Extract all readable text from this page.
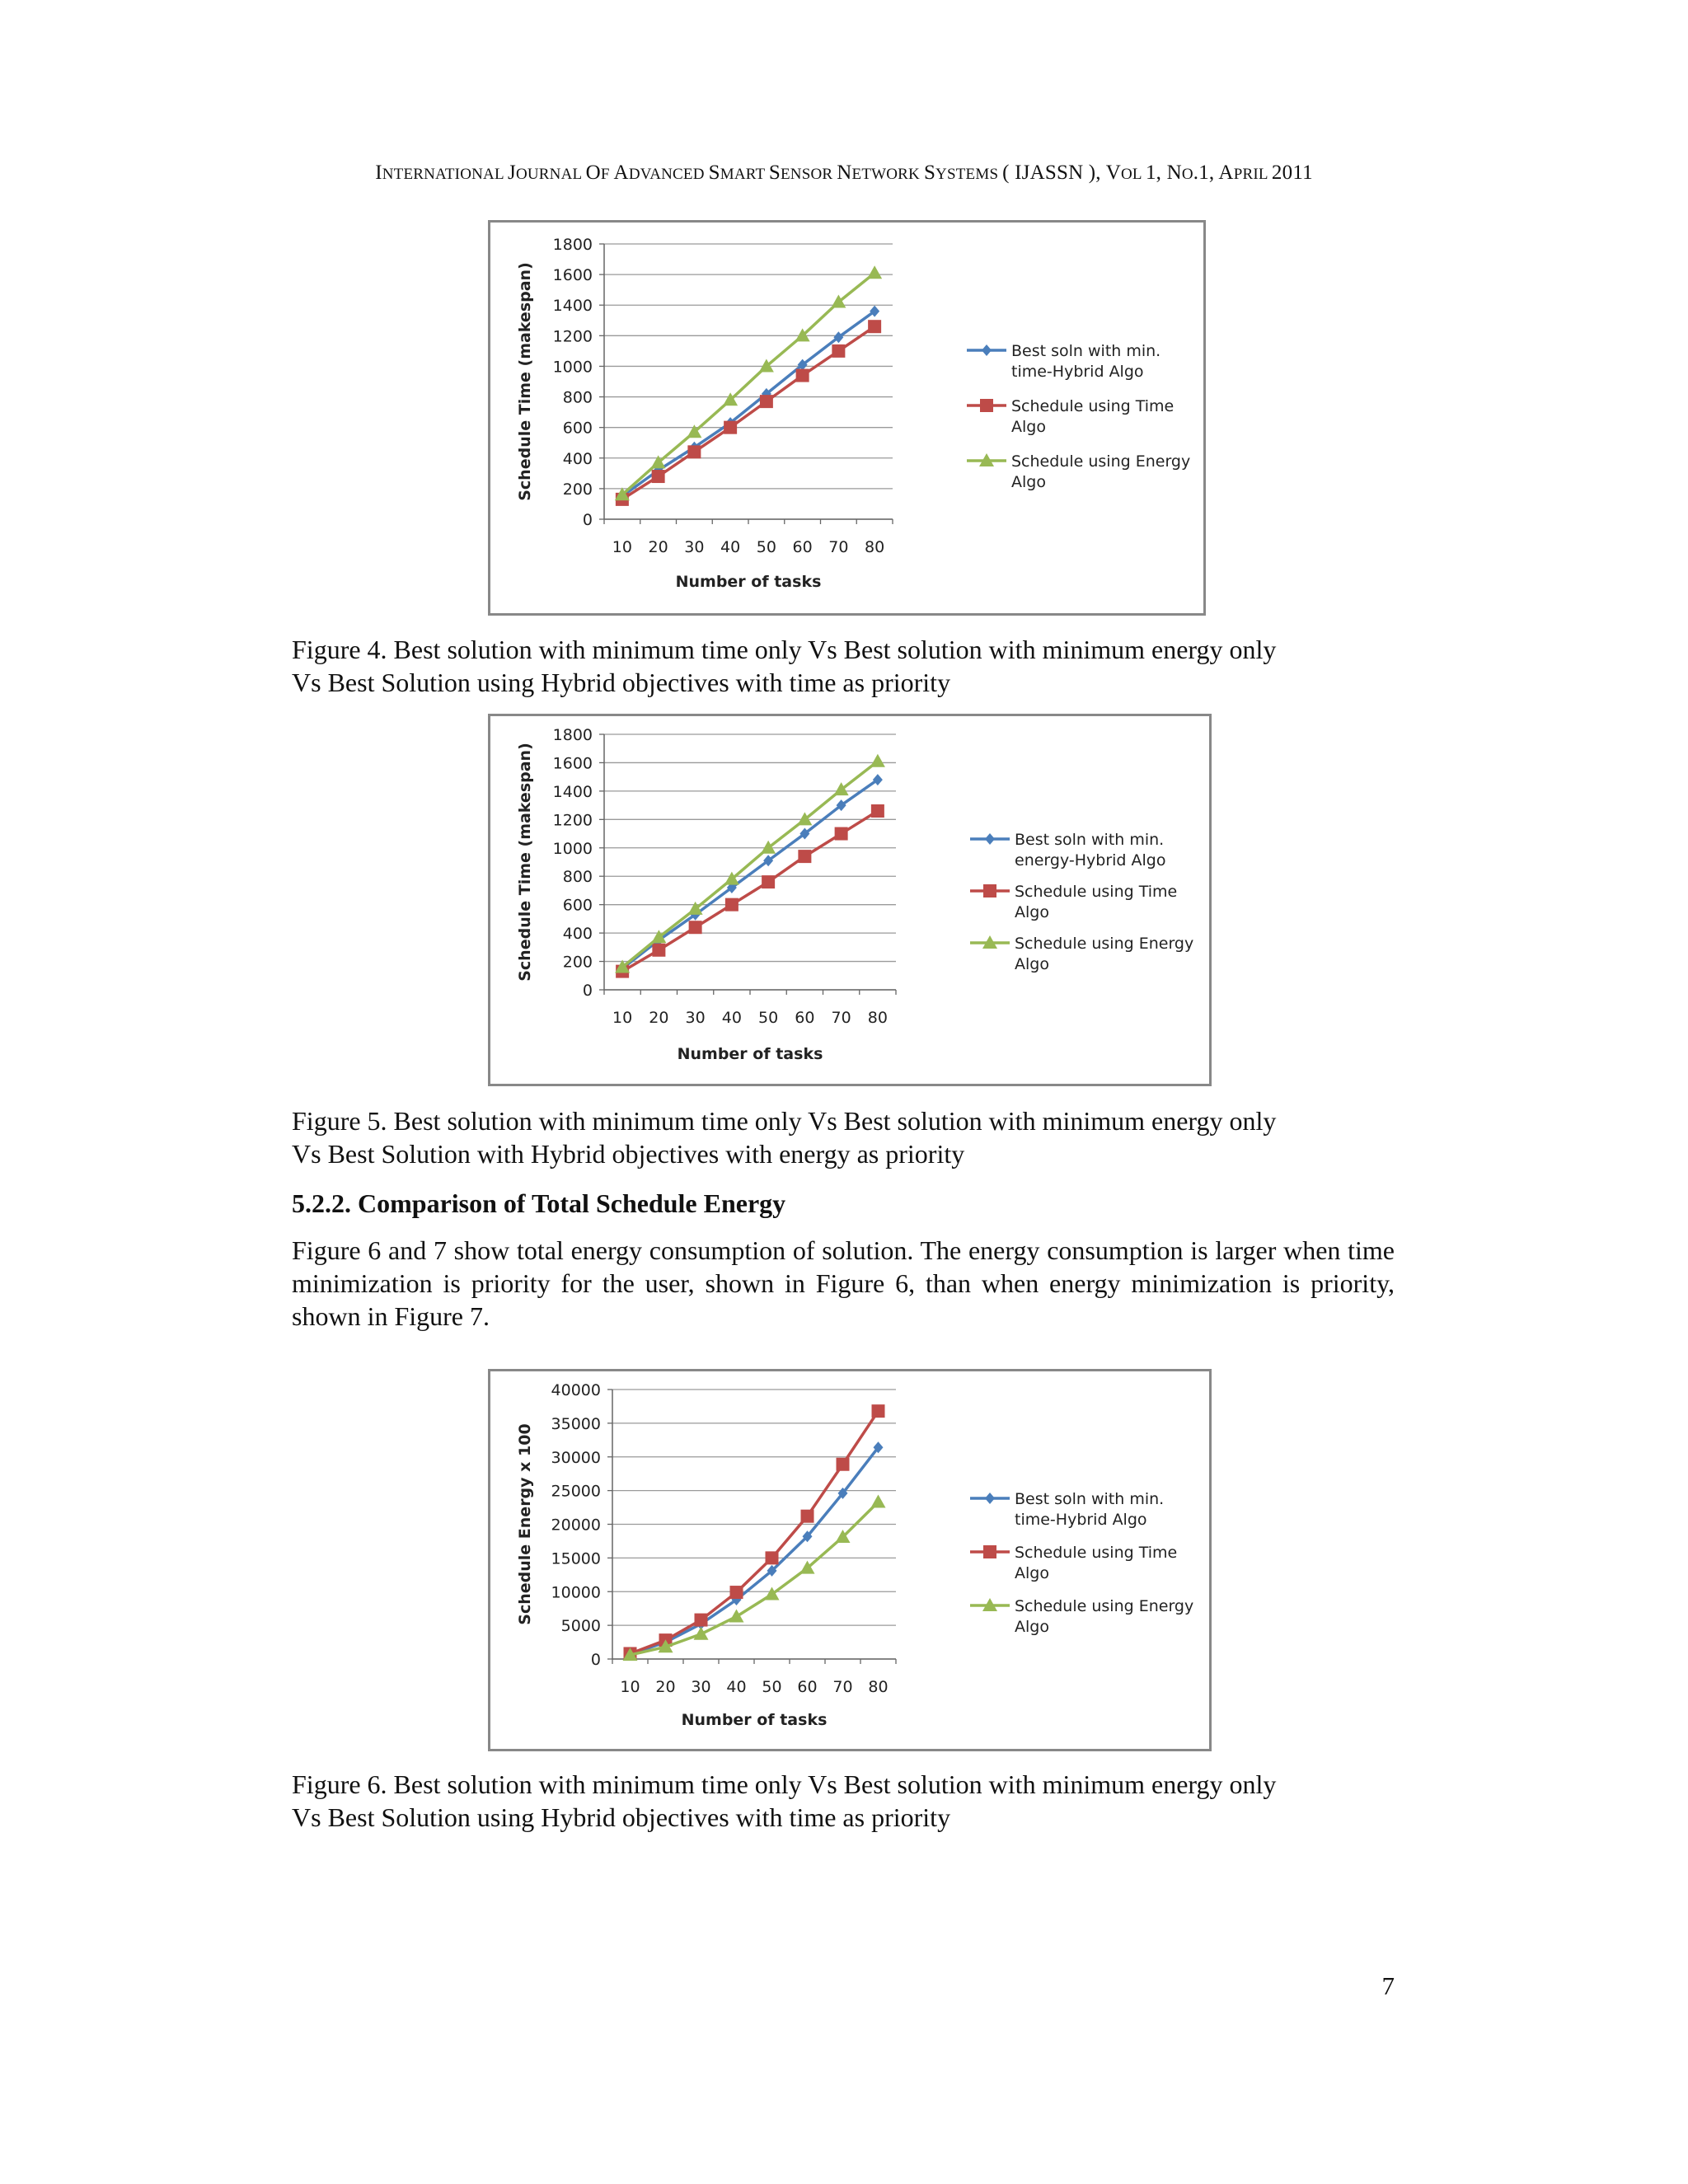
INTERNATIONAL JOURNAL OF ADVANCED SMART SENSOR NETWORK SYSTEMS ( IJASSN ), VOL 1, NO.1, APRIL 2011
0
200
400
600
800
1000
1200
1400
1600
1800
10 20 30 40 50 60 70 80
Number of tasks
Schedule Time (makespan)	Best soln with min.
time-Hybrid Algo
Schedule using Time
Algo
Schedule using Energy
Algo
Figure 4. Best solution with minimum time only Vs Best solution with minimum energy only
Vs Best Solution using Hybrid objectives with time as priority
0
200
400
600
800
1000
1200
1400
1600
1800
10 20 30 40 50 60 70 80
Number of tasks
Schedule Time (makespan)	Best soln with min.
energy-Hybrid Algo
Schedule using Time
Algo
Schedule using Energy
Algo
Figure 5. Best solution with minimum time only Vs Best solution with minimum energy only
Vs Best Solution with Hybrid objectives with energy as priority
5.2.2. Comparison of Total Schedule Energy
Figure 6 and 7 show total energy consumption of solution. The energy consumption is larger when time minimization is priority for the user, shown in Figure 6, than when energy minimization is priority, shown in Figure 7.
0
5000
10000
15000
20000
25000
30000
35000
40000
10 20 30 40 50 60 70 80
Number of tasks
Schedule Energy x 100	Best soln with min.
time-Hybrid Algo
Schedule using Time
Algo
Schedule using Energy
Algo
Figure 6. Best solution with minimum time only Vs Best solution with minimum energy only
Vs Best Solution using Hybrid objectives with time as priority
7
